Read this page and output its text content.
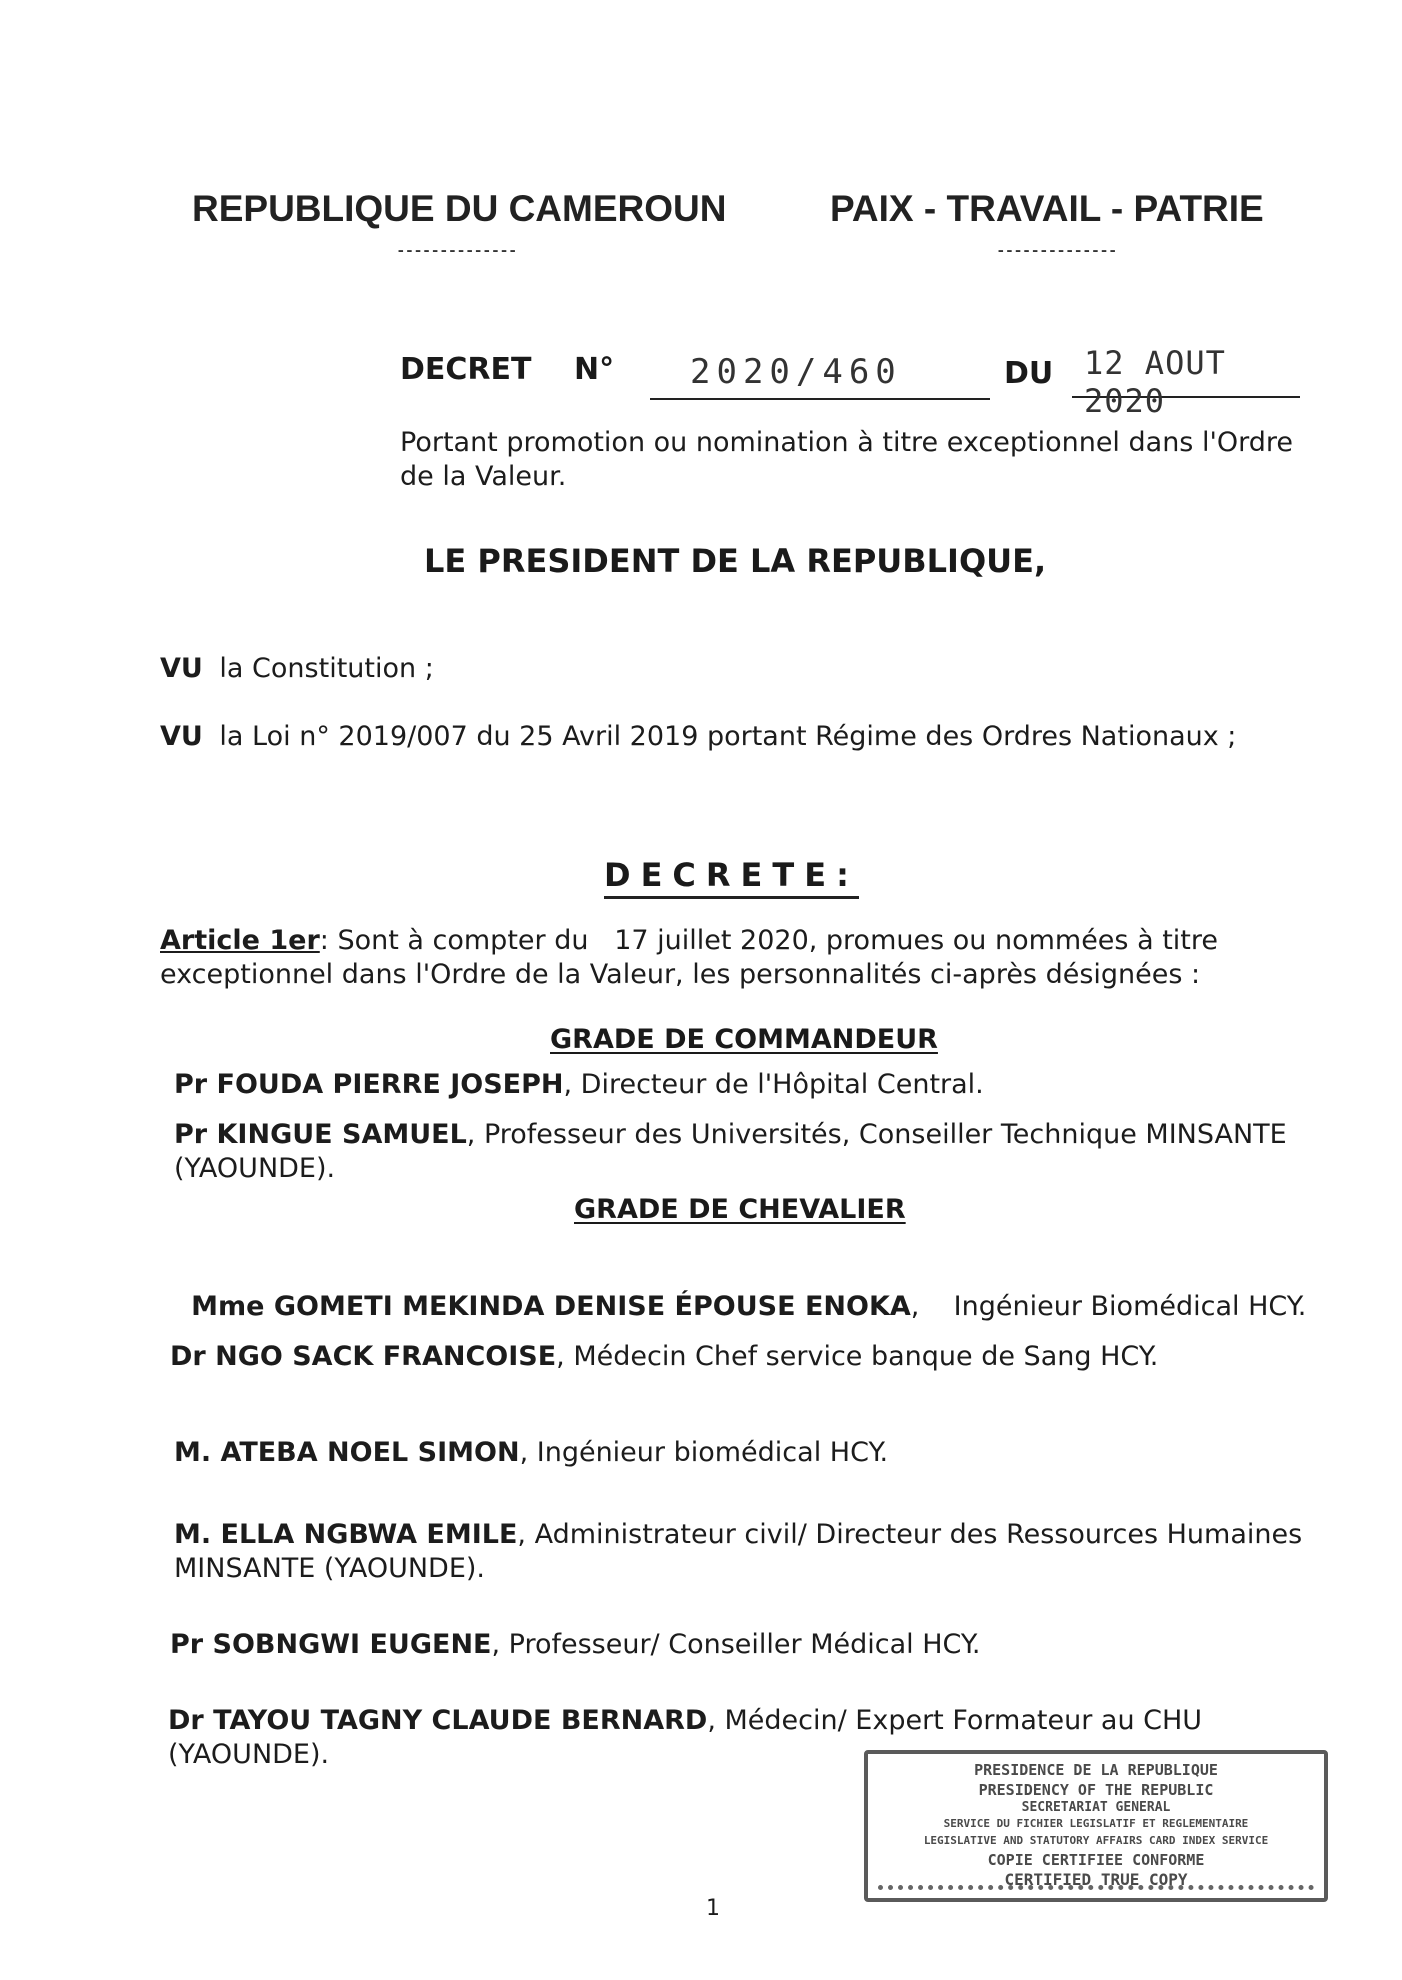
REPUBLIQUE DU CAMEROUN	PAIX - TRAVAIL - PATRIE
--------------	--------------
DECRET N° 2020/460	DU 12 AOUT 2020
Portant promotion ou nomination à titre exceptionnel dans l'Ordre de la Valeur.
LE PRESIDENT DE LA REPUBLIQUE,
VU la Constitution ;
VU la Loi n° 2019/007 du 25 Avril 2019 portant Régime des Ordres Nationaux ;
DECRETE:
Article 1er: Sont à compter du   17 juillet 2020, promues ou nommées à titre
exceptionnel dans l'Ordre de la Valeur, les personnalités ci-après désignées :
GRADE DE COMMANDEUR
Pr FOUDA PIERRE JOSEPH, Directeur de l'Hôpital Central.
Pr KINGUE SAMUEL, Professeur des Universités, Conseiller Technique MINSANTE
(YAOUNDE).
GRADE DE CHEVALIER

Mme GOMETI MEKINDA DENISE ÉPOUSE ENOKA,    Ingénieur Biomédical HCY.

Dr NGO SACK FRANCOISE, Médecin Chef service banque de Sang HCY.
M. ATEBA NOEL SIMON, Ingénieur biomédical HCY.
M. ELLA NGBWA EMILE, Administrateur civil/ Directeur des Ressources Humaines
MINSANTE (YAOUNDE).
Pr SOBNGWI EUGENE, Professeur/ Conseiller Médical HCY.
Dr TAYOU TAGNY CLAUDE BERNARD, Médecin/ Expert Formateur au CHU
(YAOUNDE).	PRESIDENCE DE LA REPUBLIQUE
PRESIDENCY OF THE REPUBLIC
SECRETARIAT GENERAL
SERVICE DU FICHIER LEGISLATIF ET REGLEMENTAIRE
LEGISLATIVE AND STATUTORY AFFAIRS CARD INDEX SERVICE
COPIE CERTIFIEE CONFORME
CERTIFIED TRUE COPY
1
